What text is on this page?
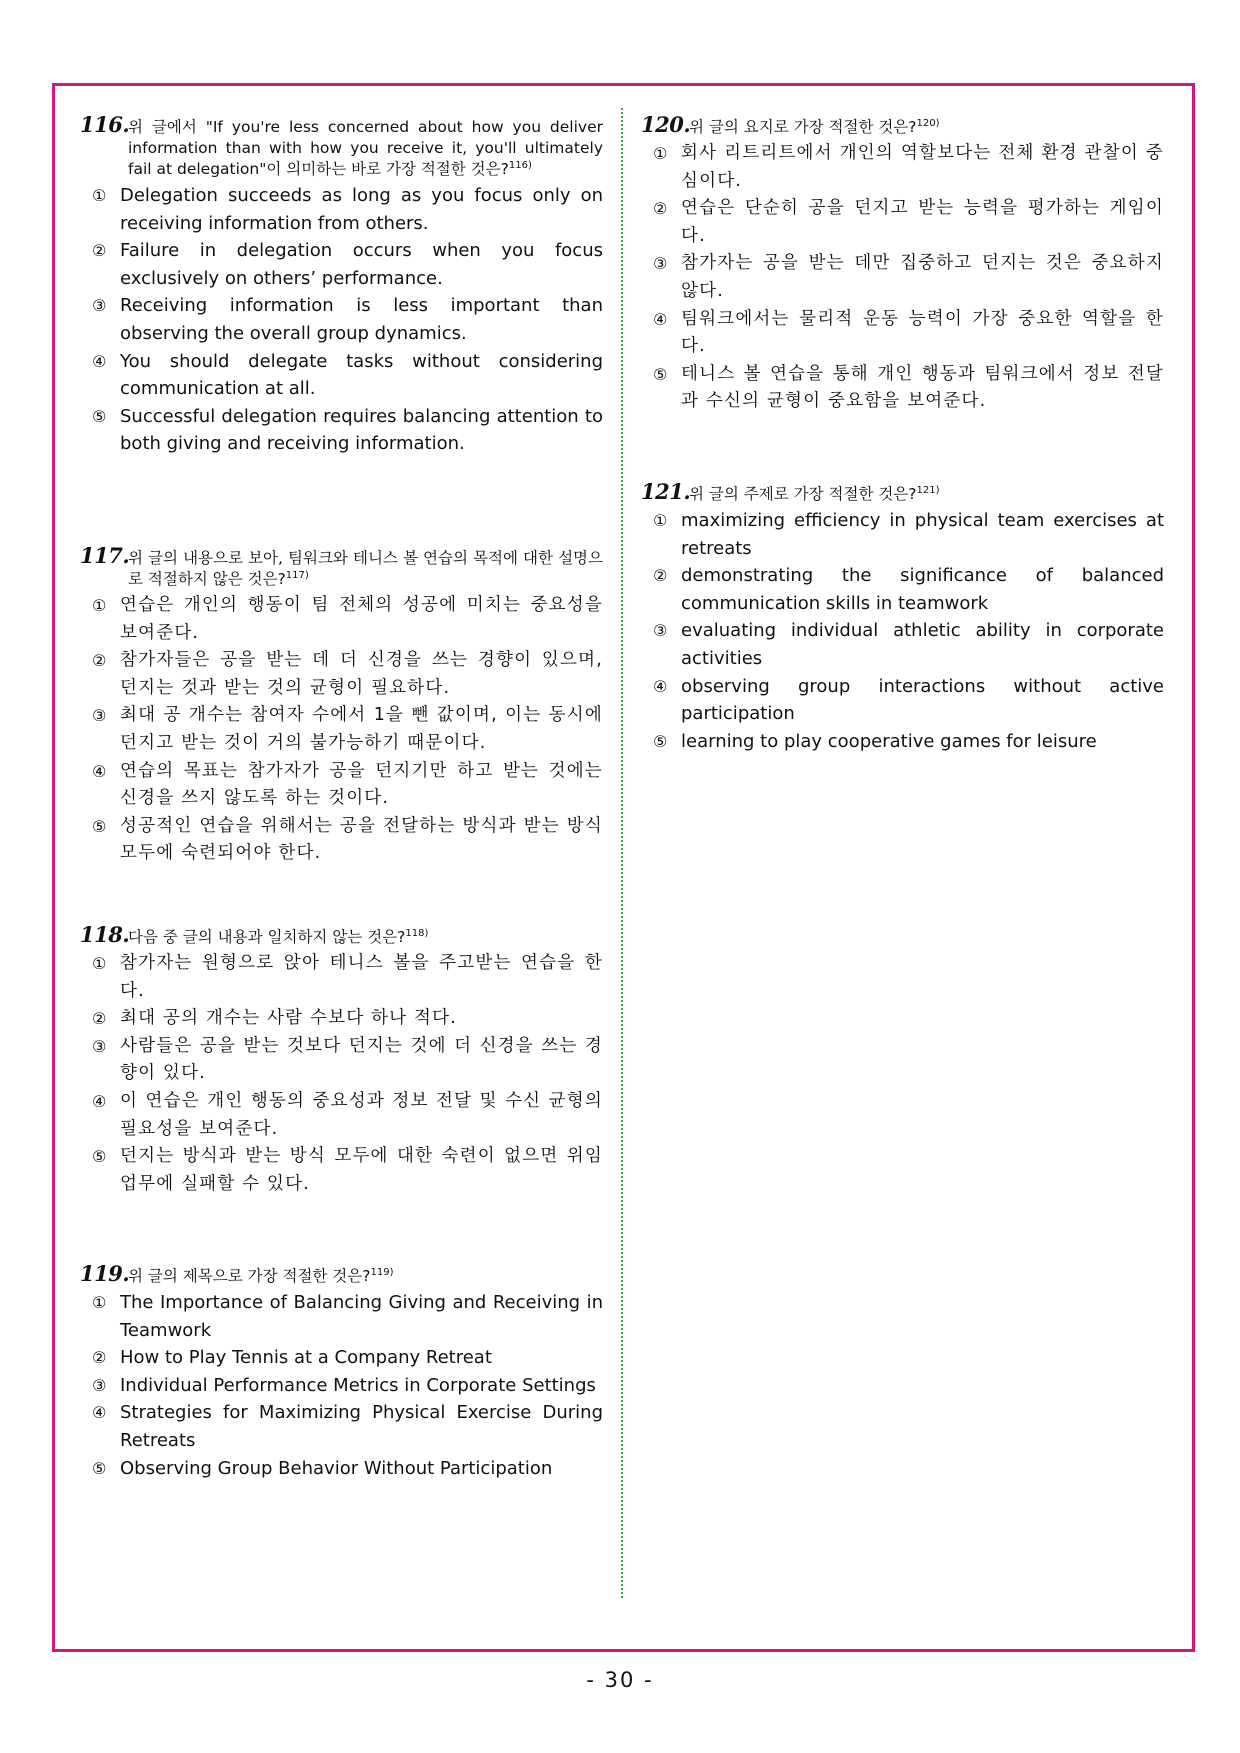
116.
위 글에서 "If you're less concerned about how you deliver information than with how you receive it, you'll ultimately fail at delegation"이 의미하는 바로 가장 적절한 것은?$^{116)}$
① Delegation succeeds as long as you focus only on receiving information from others.
② Failure in delegation occurs when you focus exclusively on others’ performance.
③ Receiving information is less important than observing the overall group dynamics.
④ You should delegate tasks without considering communication at all.
⑤ Successful delegation requires balancing attention to both giving and receiving information.
117.
위 글의 내용으로 보아, 팀워크와 테니스 볼 연습의 목적에 대한 설명으로 적절하지 않은 것은?$^{117)}$
① 연습은 개인의 행동이 팀 전체의 성공에 미치는 중요성을 보여준다.
② 참가자들은 공을 받는 데 더 신경을 쓰는 경향이 있으며, 던지는 것과 받는 것의 균형이 필요하다.
③ 최대 공 개수는 참여자 수에서 1을 뺀 값이며, 이는 동시에 던지고 받는 것이 거의 불가능하기 때문이다.
④ 연습의 목표는 참가자가 공을 던지기만 하고 받는 것에는 신경을 쓰지 않도록 하는 것이다.
⑤ 성공적인 연습을 위해서는 공을 전달하는 방식과 받는 방식 모두에 숙련되어야 한다.
118.
다음 중 글의 내용과 일치하지 않는 것은?$^{118)}$
① 참가자는 원형으로 앉아 테니스 볼을 주고받는 연습을 한다.
② 최대 공의 개수는 사람 수보다 하나 적다.
③ 사람들은 공을 받는 것보다 던지는 것에 더 신경을 쓰는 경향이 있다.
④ 이 연습은 개인 행동의 중요성과 정보 전달 및 수신 균형의 필요성을 보여준다.
⑤ 던지는 방식과 받는 방식 모두에 대한 숙련이 없으면 위임 업무에 실패할 수 있다.
119.
위 글의 제목으로 가장 적절한 것은?$^{119)}$
① The Importance of Balancing Giving and Receiving in Teamwork
② How to Play Tennis at a Company Retreat
③ Individual Performance Metrics in Corporate Settings
④ Strategies for Maximizing Physical Exercise During Retreats
⑤ Observing Group Behavior Without Participation
120.
위 글의 요지로 가장 적절한 것은?$^{120)}$
① 회사 리트리트에서 개인의 역할보다는 전체 환경 관찰이 중심이다.
② 연습은 단순히 공을 던지고 받는 능력을 평가하는 게임이다.
③ 참가자는 공을 받는 데만 집중하고 던지는 것은 중요하지 않다.
④ 팀워크에서는 물리적 운동 능력이 가장 중요한 역할을 한다.
⑤ 테니스 볼 연습을 통해 개인 행동과 팀워크에서 정보 전달과 수신의 균형이 중요함을 보여준다.
121.
위 글의 주제로 가장 적절한 것은?$^{121)}$
① maximizing efficiency in physical team exercises at retreats
② demonstrating the significance of balanced communication skills in teamwork
③ evaluating individual athletic ability in corporate activities
④ observing group interactions without active participation
⑤ learning to play cooperative games for leisure
- 30 -
